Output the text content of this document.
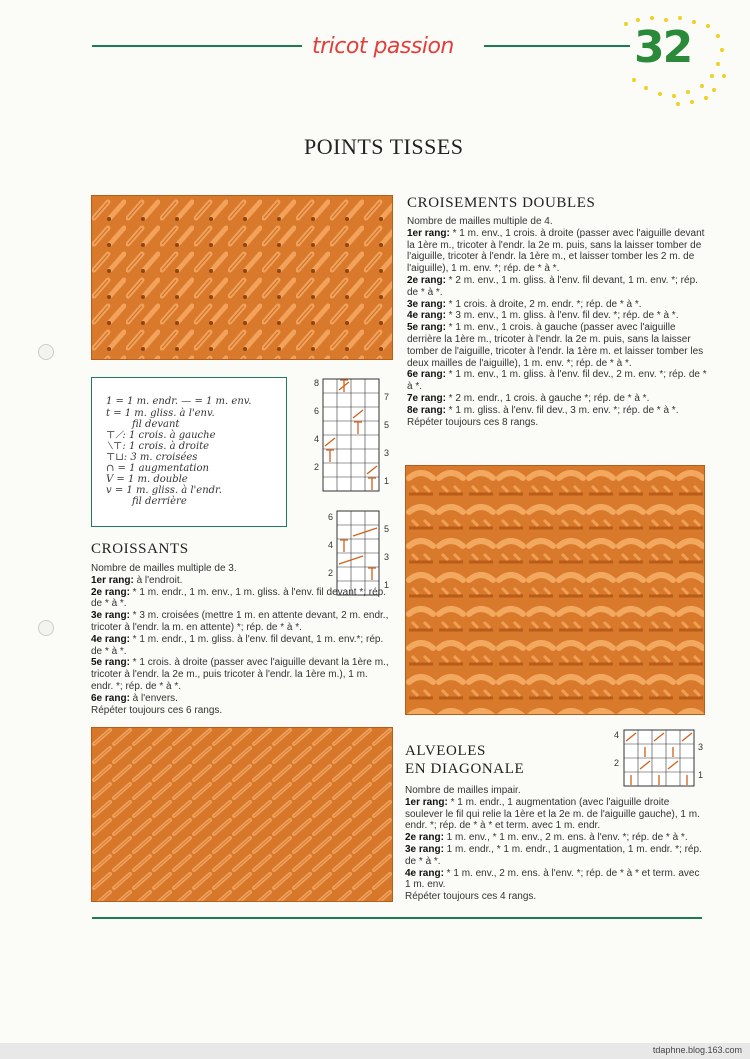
tricot passion	32
POINTS TISSES
1 = 1 m. endr. — = 1 m. env.
t = 1 m. gliss. à l'env.
fil devant
⊤⟋: 1 crois. à gauche
⟍⊤: 1 crois. à droite
⊤⊔: 3 m. croisées
∩ = 1 augmentation
V = 1 m. double
v = 1 m. gliss. à l'endr.
fil derrière
8
6
4
2
7
5
3
1
6
4
2
5
3
1
4
2
3
1
CROISEMENTS DOUBLES

Nombre de mailles multiple de 4.

1er rang: * 1 m. env., 1 crois. à droite (passer avec l'aiguille devant la 1ère m., tricoter à l'endr. la 2e m. puis, sans la laisser tomber de l'aiguille, tricoter à l'endr. la 1ère m., et laisser tomber les 2 m. de l'aiguille), 1 m. env. *; rép. de * à *.

2e rang: * 2 m. env., 1 m. gliss. à l'env. fil devant, 1 m. env. *; rép. de * à *.

3e rang: * 1 crois. à droite, 2 m. endr. *; rép. de * à *.

4e rang: * 3 m. env., 1 m. gliss. à l'env. fil dev. *; rép. de * à *.

5e rang: * 1 m. env., 1 crois. à gauche (passer avec l'aiguille derrière la 1ère m., tricoter à l'endr. la 2e m. puis, sans la laisser tomber de l'aiguille, tricoter à l'endr. la 1ère m. et laisser tomber les deux mailles de l'aiguille), 1 m. env. *; rép. de * à *.

6e rang: * 1 m. env., 1 m. gliss. à l'env. fil dev., 2 m. env. *; rép. de * à *.

7e rang: * 2 m. endr., 1 crois. à gauche *; rép. de * à *.

8e rang: * 1 m. gliss. à l'env. fil dev., 3 m. env. *; rép. de * à *.

Répéter toujours ces 8 rangs.

CROISSANTS

Nombre de mailles multiple de 3.

1er rang: à l'endroit.

2e rang: * 1 m. endr., 1 m. env., 1 m. gliss. à l'env. fil devant *; rép. de * à *.

3e rang: * 3 m. croisées (mettre 1 m. en attente devant, 2 m. endr., tricoter à l'endr. la m. en attente) *; rép. de * à *.

4e rang: * 1 m. endr., 1 m. gliss. à l'env. fil devant, 1 m. env.*; rép. de * à *.

5e rang: * 1 crois. à droite (passer avec l'aiguille devant la 1ère m., tricoter à l'endr. la 2e m., puis tricoter à l'endr. la 1ère m.), 1 m. endr. *; rép. de * à *.

6e rang: à l'envers.

Répéter toujours ces 6 rangs.

ALVEOLES
EN DIAGONALE

Nombre de mailles impair.

1er rang: * 1 m. endr., 1 augmentation (avec l'aiguille droite soulever le fil qui relie la 1ère et la 2e m. de l'aiguille gauche), 1 m. endr. *; rép. de * à * et term. avec 1 m. endr.

2e rang: 1 m. env., * 1 m. env., 2 m. ens. à l'env. *; rép. de * à *.

3e rang: 1 m. endr., * 1 m. endr., 1 augmentation, 1 m. endr. *; rép. de * à *.

4e rang: * 1 m. env., 2 m. ens. à l'env. *; rép. de * à * et term. avec 1 m. env.

Répéter toujours ces 4 rangs.

tdaphne.blog.163.com
